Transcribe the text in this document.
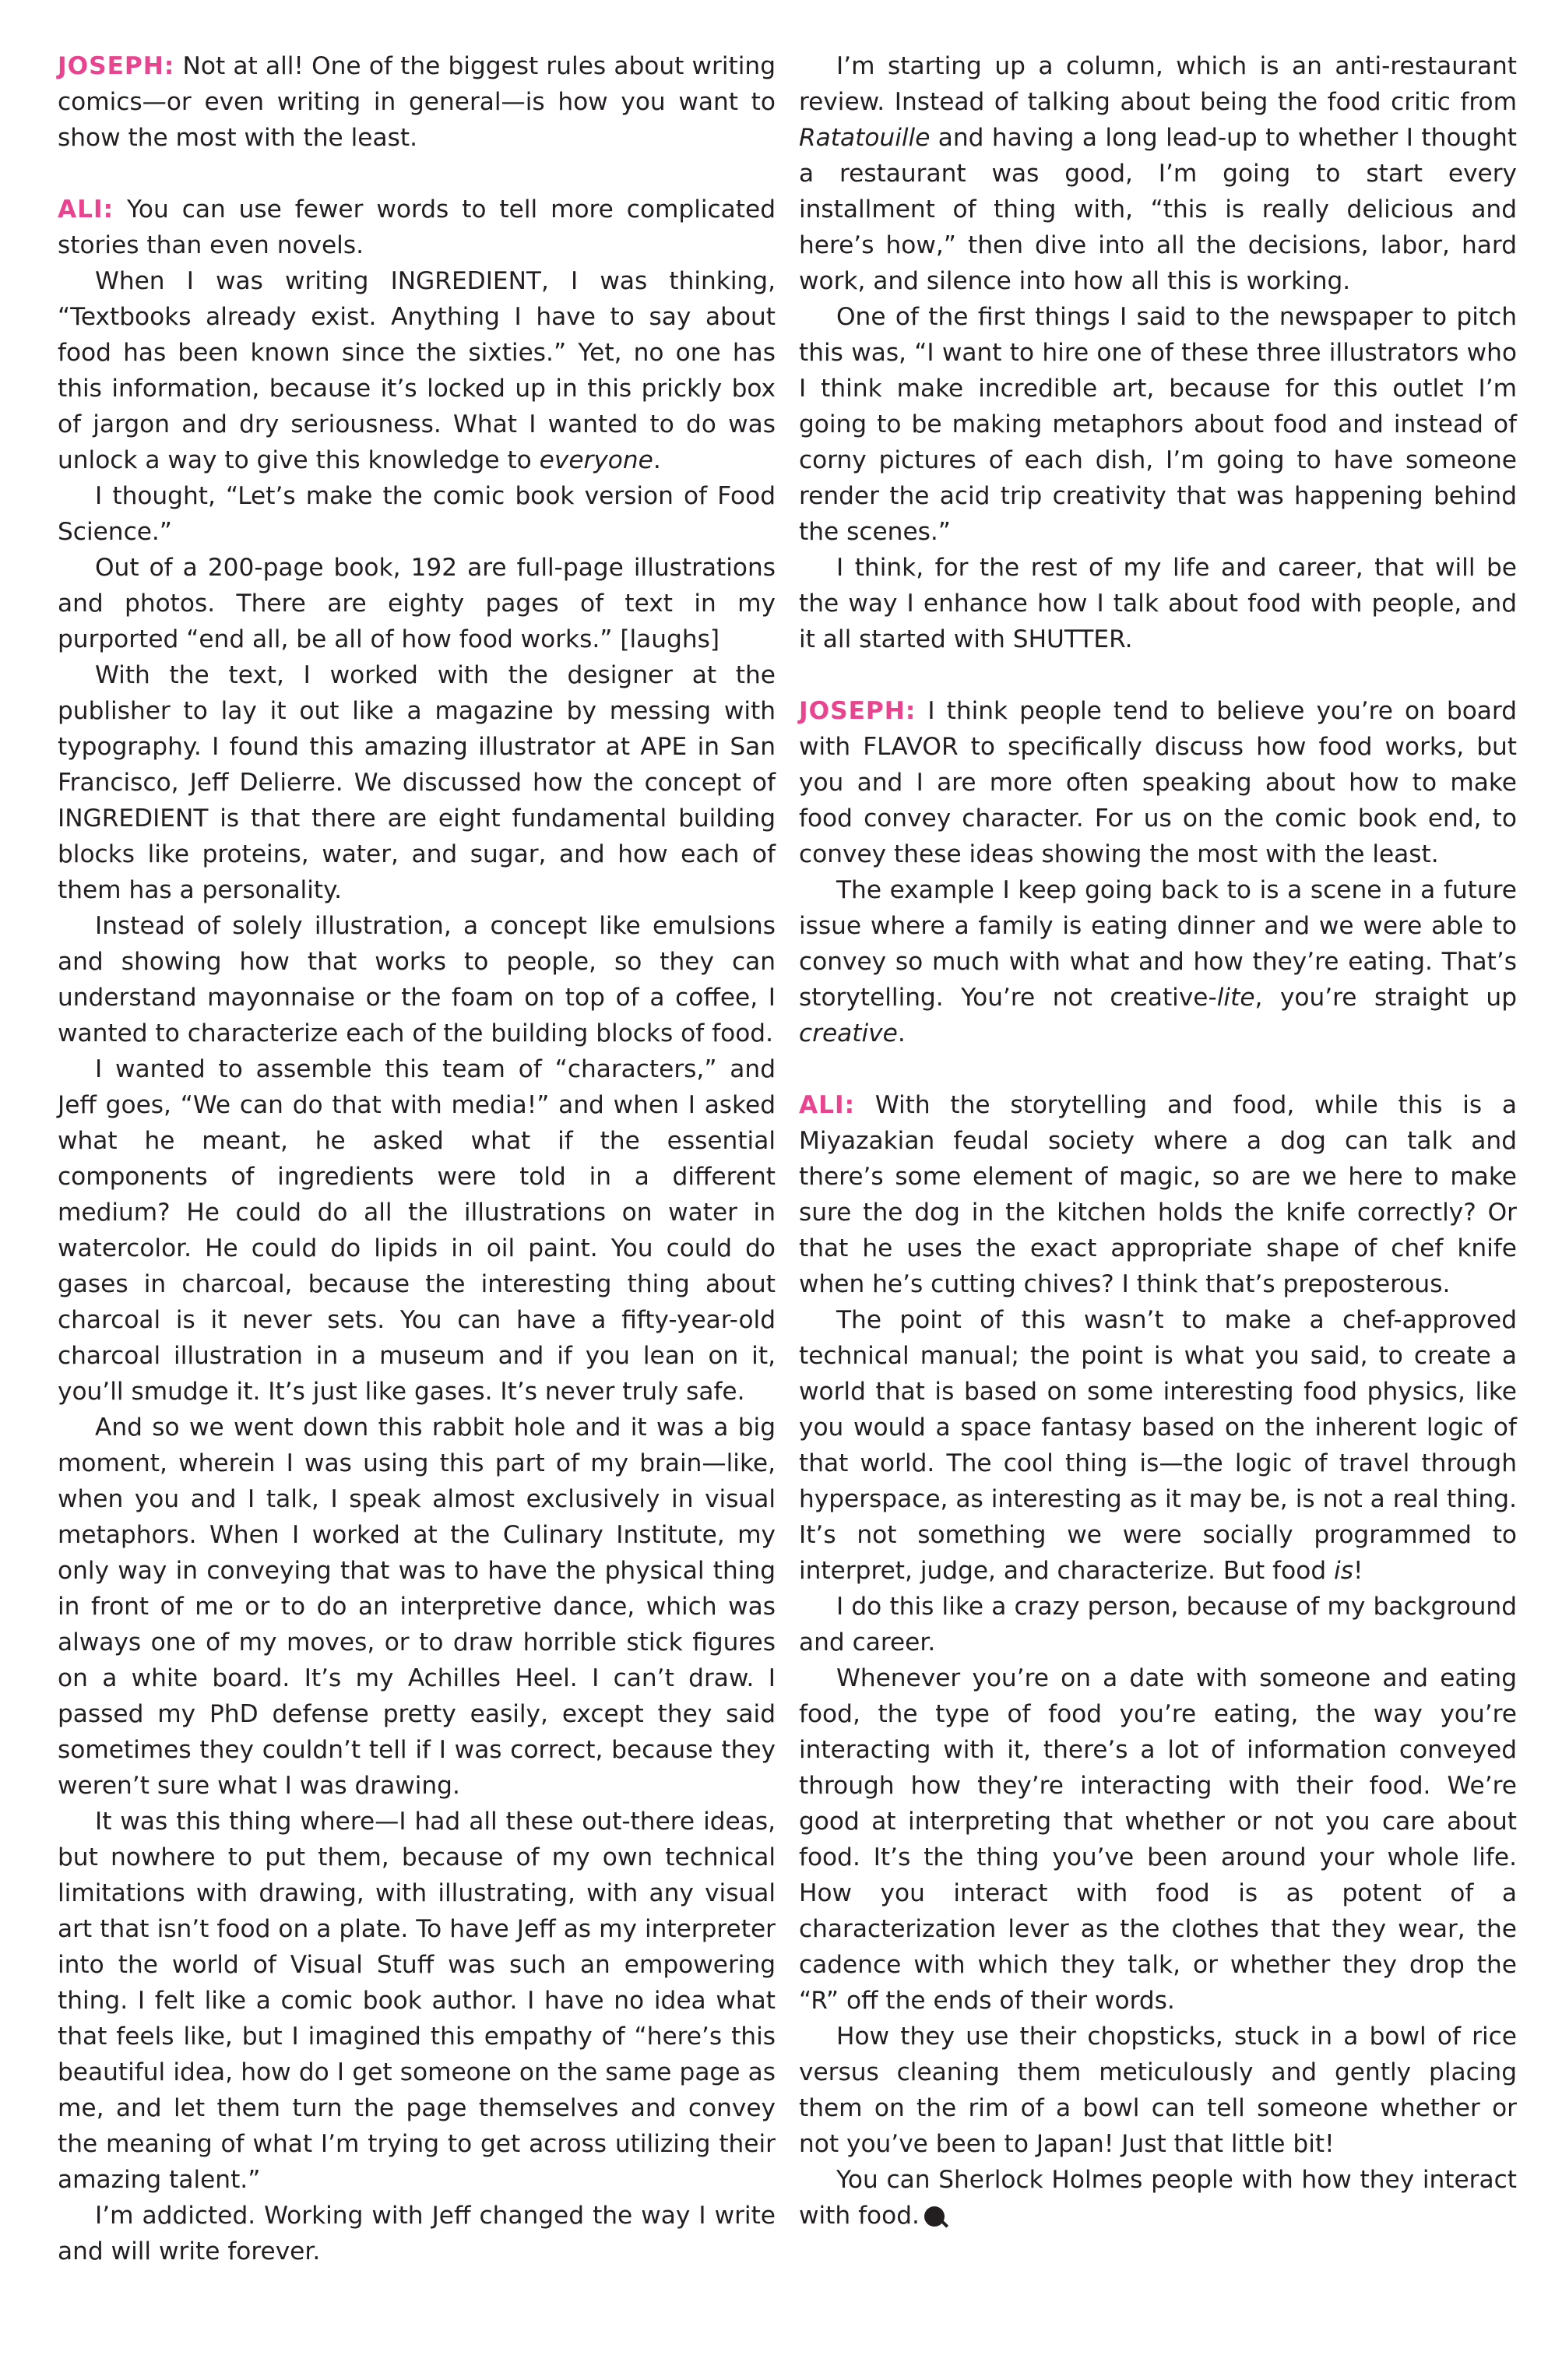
JOSEPH: Not at all! One of the biggest rules about writing comics—or even writing in general—is how you want to show the most with the least.

ALI: You can use fewer words to tell more complicated stories than even novels.

When I was writing INGREDIENT, I was thinking, “Textbooks already exist. Anything I have to say about food has been known since the sixties.” Yet, no one has this information, because it’s locked up in this prickly box of jargon and dry seriousness. What I wanted to do was unlock a way to give this knowledge to everyone.

I thought, “Let’s make the comic book version of Food Science.”

Out of a 200-page book, 192 are full-page illustrations and photos. There are eighty pages of text in my purported “end all, be all of how food works.” [laughs]

With the text, I worked with the designer at the publisher to lay it out like a magazine by messing with typography. I found this amazing illustrator at APE in San Francisco, Jeff Delierre. We discussed how the concept of INGREDIENT is that there are eight fundamental building blocks like proteins, water, and sugar, and how each of them has a personality.

Instead of solely illustration, a concept like emulsions and showing how that works to people, so they can understand mayonnaise or the foam on top of a coffee, I wanted to characterize each of the building blocks of food.

I wanted to assemble this team of “characters,” and Jeff goes, “We can do that with media!” and when I asked what he meant, he asked what if the essential components of ingredients were told in a different medium? He could do all the illustrations on water in watercolor. He could do lipids in oil paint. You could do gases in charcoal, because the interesting thing about charcoal is it never sets. You can have a fifty-year-old charcoal illustration in a museum and if you lean on it, you’ll smudge it. It’s just like gases. It’s never truly safe.

And so we went down this rabbit hole and it was a big moment, wherein I was using this part of my brain—like, when you and I talk, I speak almost exclusively in visual metaphors. When I worked at the Culinary Institute, my only way in conveying that was to have the physical thing in front of me or to do an interpretive dance, which was always one of my moves, or to draw horrible stick figures on a white board. It’s my Achilles Heel. I can’t draw. I passed my PhD defense pretty easily, except they said sometimes they couldn’t tell if I was correct, because they weren’t sure what I was drawing.

It was this thing where—I had all these out-there ideas, but nowhere to put them, because of my own technical limitations with drawing, with illustrating, with any visual art that isn’t food on a plate. To have Jeff as my interpreter into the world of Visual Stuff was such an empowering thing. I felt like a comic book author. I have no idea what that feels like, but I imagined this empathy of “here’s this beautiful idea, how do I get someone on the same page as me, and let them turn the page themselves and convey the meaning of what I’m trying to get across utilizing their amazing talent.”

I’m addicted. Working with Jeff changed the way I write and will write forever.

I’m starting up a column, which is an anti-restaurant review. Instead of talking about being the food critic from Ratatouille and having a long lead-up to whether I thought a restaurant was good, I’m going to start every installment of thing with, “this is really delicious and here’s how,” then dive into all the decisions, labor, hard work, and silence into how all this is working.

One of the first things I said to the newspaper to pitch this was, “I want to hire one of these three illustrators who I think make incredible art, because for this outlet I’m going to be making metaphors about food and instead of corny pictures of each dish, I’m going to have someone render the acid trip creativity that was happening behind the scenes.”

I think, for the rest of my life and career, that will be the way I enhance how I talk about food with people, and it all started with SHUTTER.

JOSEPH: I think people tend to believe you’re on board with FLAVOR to specifically discuss how food works, but you and I are more often speaking about how to make food convey character. For us on the comic book end, to convey these ideas showing the most with the least.

The example I keep going back to is a scene in a future issue where a family is eating dinner and we were able to convey so much with what and how they’re eating. That’s storytelling. You’re not creative-lite, you’re straight up creative.

ALI: With the storytelling and food, while this is a Miyazakian feudal society where a dog can talk and there’s some element of magic, so are we here to make sure the dog in the kitchen holds the knife correctly? Or that he uses the exact appropriate shape of chef knife when he’s cutting chives? I think that’s preposterous.

The point of this wasn’t to make a chef-approved technical manual; the point is what you said, to create a world that is based on some interesting food physics, like you would a space fantasy based on the inherent logic of that world. The cool thing is—the logic of travel through hyperspace, as interesting as it may be, is not a real thing. It’s not something we were socially programmed to interpret, judge, and characterize. But food is!

I do this like a crazy person, because of my background and career.

Whenever you’re on a date with someone and eating food, the type of food you’re eating, the way you’re interacting with it, there’s a lot of information conveyed through how they’re interacting with their food. We’re good at interpreting that whether or not you care about food. It’s the thing you’ve been around your whole life. How you interact with food is as potent of a characterization lever as the clothes that they wear, the cadence with which they talk, or whether they drop the “R” off the ends of their words.

How they use their chopsticks, stuck in a bowl of rice versus cleaning them meticulously and gently placing them on the rim of a bowl can tell someone whether or not you’ve been to Japan! Just that little bit!

You can Sherlock Holmes people with how they interact with food.
